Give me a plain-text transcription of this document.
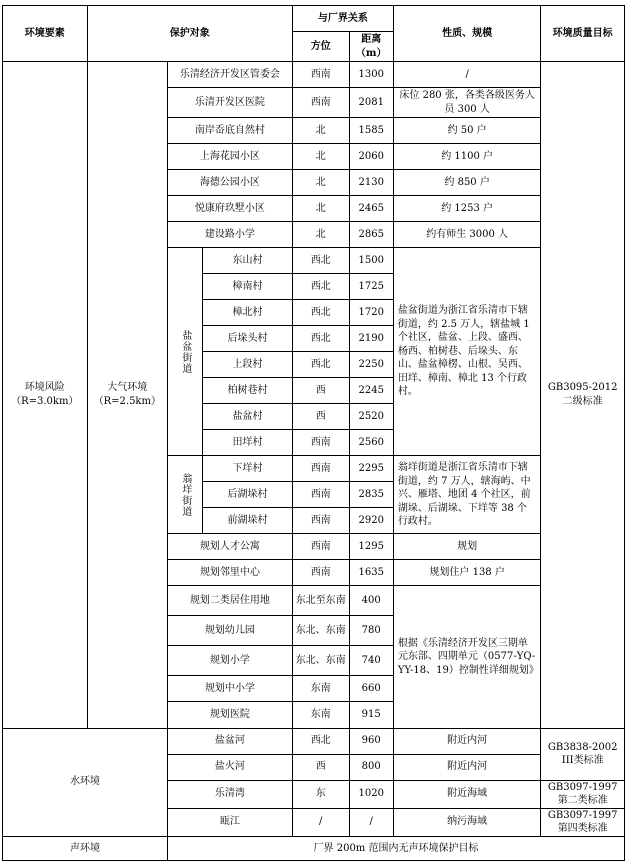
环境要素	保护对象			与厂界关系		性质、规模	环境质量目标
				方位	距离（m）		
环境风险（R=3.0km）	大气环境（R=2.5km）	乐清经济开发区管委会		西南	1300	/	GB3095-2012 二级标准
		乐清开发区医院		西南	2081	床位 280 张，各类各级医务人员 300 人	
		南岸岙底自然村		北	1585	约 50 户	
		上海花园小区		北	2060	约 1100 户	
		海德公园小区		北	2130	约 850 户	
		悦康府玖墅小区		北	2465	约 1253 户	
		建设路小学		北	2865	约有师生 3000 人	
		盐盆街道	东山村	西北	1500	盐盆街道为浙江省乐清市下辖街道，约 2.5 万人，辖盐城 1 个社区，盐盆、上段、盛西、杨西、柏树巷、后垛头、东山、盐盆樟楞、山根、吴西、田垟、樟南、樟北 13 个行政村。	
			樟南村	西北	1725		
			樟北村	西北	1720		
			后垛头村	西北	2190		
			上段村	西北	2250		
			柏树巷村	西	2245		
			盐盆村	西	2520		
			田垟村	西南	2560		
		翁垟街道	下垟村	西南	2295	翁垟街道是浙江省乐清市下辖街道，约 7 万人，辖海屿、中兴、雁塔、地团 4 个社区，前湖垛、后湖垛、下垟等 38 个行政村。	
			后湖垛村	西南	2835		
			前湖垛村	西南	2920		
		规划人才公寓		西南	1295	规划	
		规划邻里中心		西南	1635	规划住户 138 户	
		规划二类居住用地		东北至东南	400	根据《乐清经济开发区三期单元东部、四期单元（0577-YQ-YY-18、19）控制性详细规划》	
		规划幼儿园		东北、东南	780		
		规划小学		东北、东南	740		
		规划中小学		东南	660		
		规划医院		东南	915		
水环境		盐盆河		西北	960	附近内河	GB3838-2002 III类标准
		盐火河		西	800	附近内河	
		乐清湾		东	1020	附近海域	GB3097-1997 第二类标准
		瓯江		/	/	纳污海域	GB3097-1997 第四类标准
声环境		厂界 200m 范围内无声环境保护目标					
